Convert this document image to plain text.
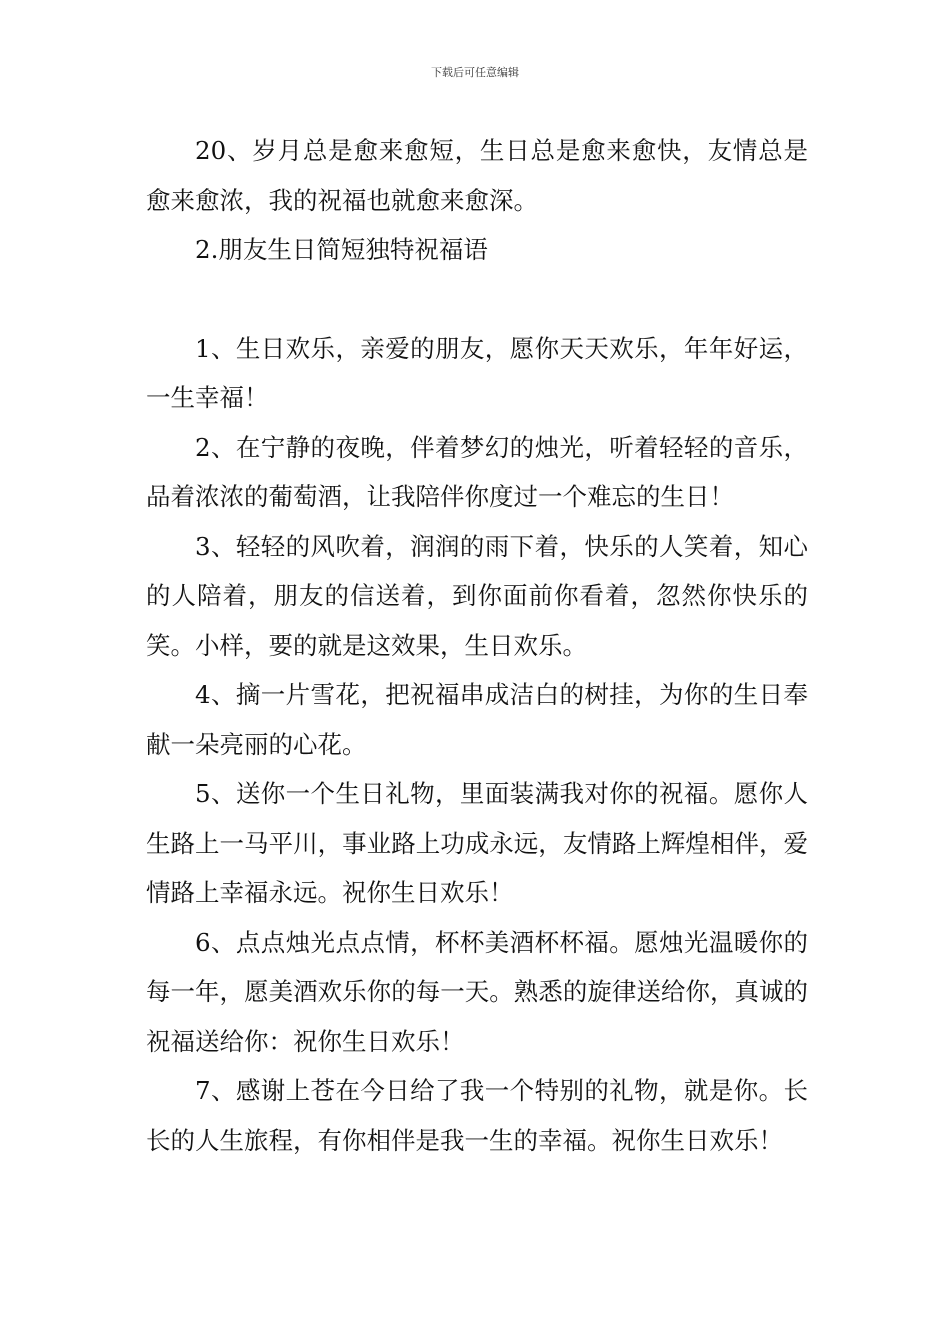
下载后可任意编辑

20、岁月总是愈来愈短，生日总是愈来愈快，友情总是愈来愈浓，我的祝福也就愈来愈深。

2.朋友生日简短独特祝福语

1、生日欢乐，亲爱的朋友，愿你天天欢乐，年年好运，一生幸福！

2、在宁静的夜晚，伴着梦幻的烛光，听着轻轻的音乐，品着浓浓的葡萄酒，让我陪伴你度过一个难忘的生日！

3、轻轻的风吹着，润润的雨下着，快乐的人笑着，知心的人陪着，朋友的信送着，到你面前你看着，忽然你快乐的笑。小样，要的就是这效果，生日欢乐。

4、摘一片雪花，把祝福串成洁白的树挂，为你的生日奉献一朵亮丽的心花。

5、送你一个生日礼物，里面装满我对你的祝福。愿你人生路上一马平川，事业路上功成永远，友情路上辉煌相伴，爱情路上幸福永远。祝你生日欢乐！

6、点点烛光点点情，杯杯美酒杯杯福。愿烛光温暖你的每一年，愿美酒欢乐你的每一天。熟悉的旋律送给你，真诚的祝福送给你：祝你生日欢乐！

7、感谢上苍在今日给了我一个特别的礼物，就是你。长长的人生旅程，有你相伴是我一生的幸福。祝你生日欢乐！
